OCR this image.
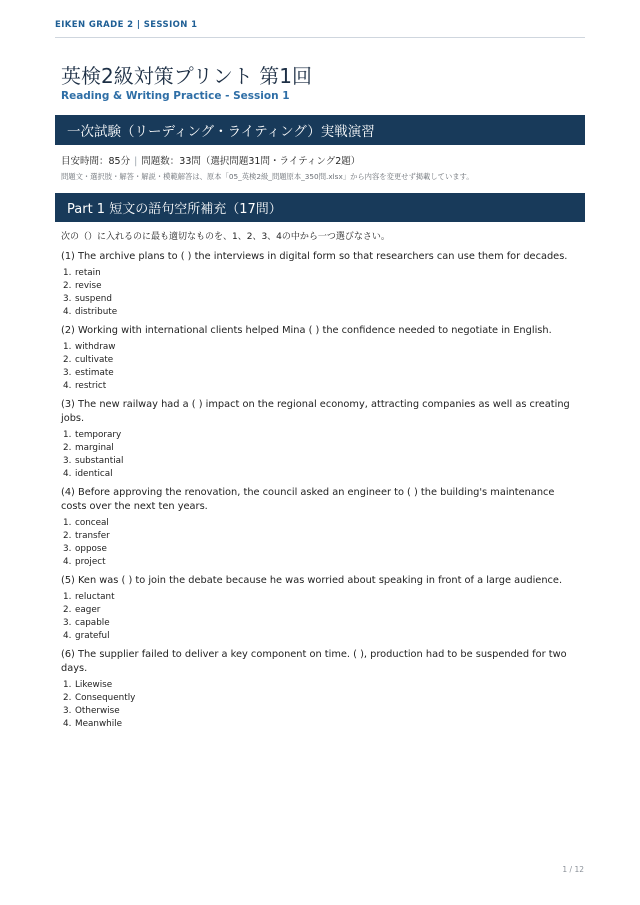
EIKEN GRADE 2 | SESSION 1
英検2級対策プリント 第1回
Reading & Writing Practice - Session 1
一次試験（リーディング・ライティング）実戦演習
目安時間：85分 | 問題数：33問（選択問題31問・ライティング2題）
問題文・選択肢・解答・解説・模範解答は、原本「05_英検2級_問題原本_350問.xlsx」から内容を変更せず掲載しています。
Part 1 短文の語句空所補充（17問）
次の（）に入れるのに最も適切なものを、1、2、3、4の中から一つ選びなさい。

(1) The archive plans to ( ) the interviews in digital form so that researchers can use them for decades.

1. retain
2. revise
3. suspend
4. distribute

(2) Working with international clients helped Mina ( ) the confidence needed to negotiate in English.

1. withdraw
2. cultivate
3. estimate
4. restrict

(3) The new railway had a ( ) impact on the regional economy, attracting companies as well as creating jobs.

1. temporary
2. marginal
3. substantial
4. identical

(4) Before approving the renovation, the council asked an engineer to ( ) the building's maintenance costs over the next ten years.

1. conceal
2. transfer
3. oppose
4. project

(5) Ken was ( ) to join the debate because he was worried about speaking in front of a large audience.

1. reluctant
2. eager
3. capable
4. grateful

(6) The supplier failed to deliver a key component on time. ( ), production had to be suspended for two days.

1. Likewise
2. Consequently
3. Otherwise
4. Meanwhile
1 / 12
